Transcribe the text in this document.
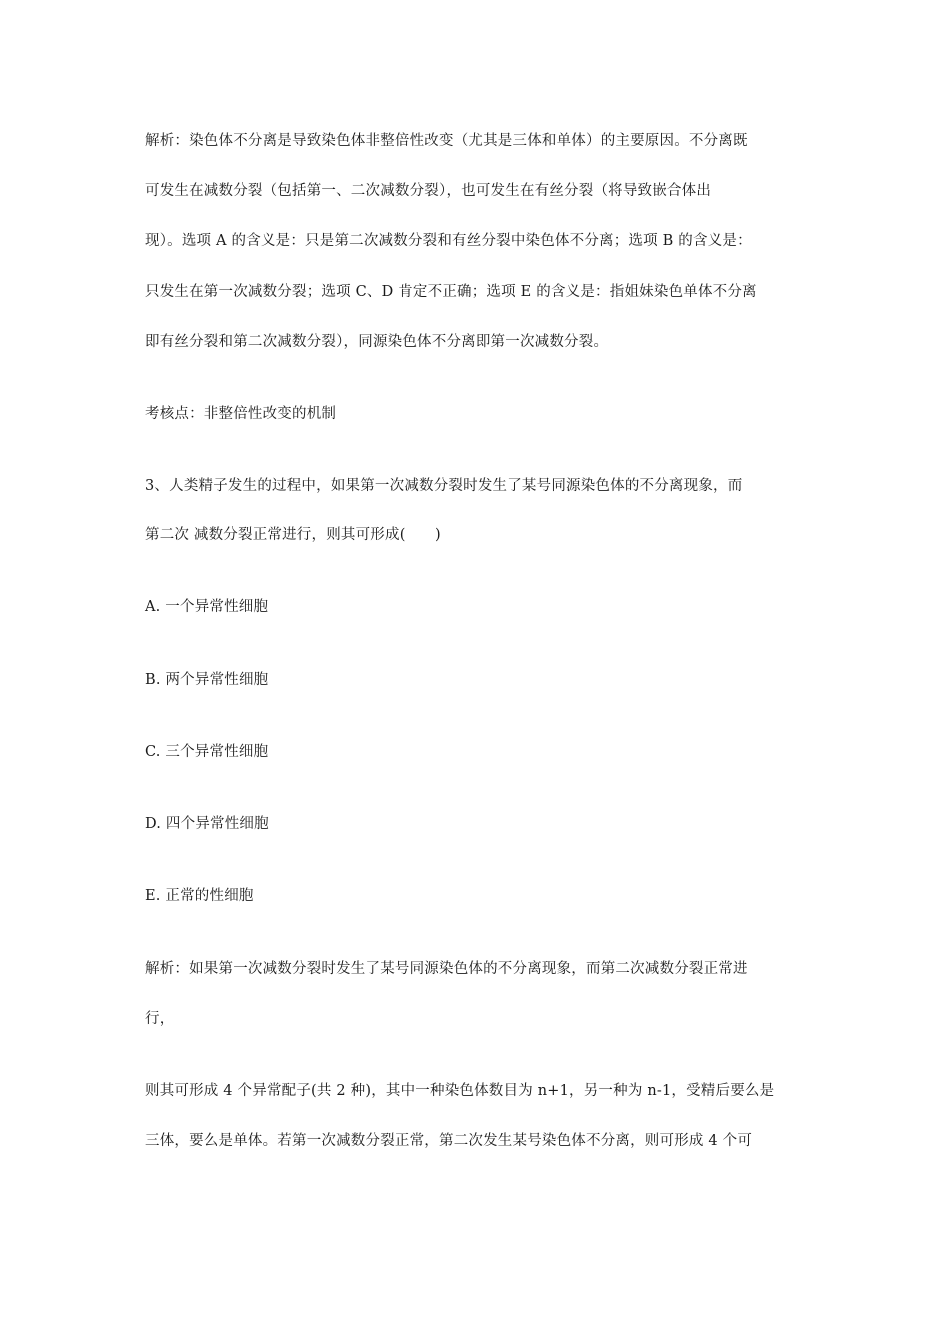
解析：染色体不分离是导致染色体非整倍性改变（尤其是三体和单体）的主要原因。不分离既
可发生在减数分裂（包括第一、二次减数分裂），也可发生在有丝分裂（将导致嵌合体出
现）。选项 A 的含义是：只是第二次减数分裂和有丝分裂中染色体不分离；选项 B 的含义是：
只发生在第一次减数分裂；选项 C、D 肯定不正确；选项 E 的含义是：指姐妹染色单体不分离
即有丝分裂和第二次减数分裂），同源染色体不分离即第一次减数分裂。
考核点：非整倍性改变的机制
3、人类精子发生的过程中，如果第一次减数分裂时发生了某号同源染色体的不分离现象，而
第二次 减数分裂正常进行，则其可形成(　　)
A. 一个异常性细胞
B. 两个异常性细胞
C. 三个异常性细胞
D. 四个异常性细胞
E. 正常的性细胞
解析：如果第一次减数分裂时发生了某号同源染色体的不分离现象，而第二次减数分裂正常进
行，
则其可形成 4 个异常配子(共 2 种)，其中一种染色体数目为 n+1，另一种为 n-1，受精后要么是
三体，要么是单体。若第一次减数分裂正常，第二次发生某号染色体不分离，则可形成 4 个可
